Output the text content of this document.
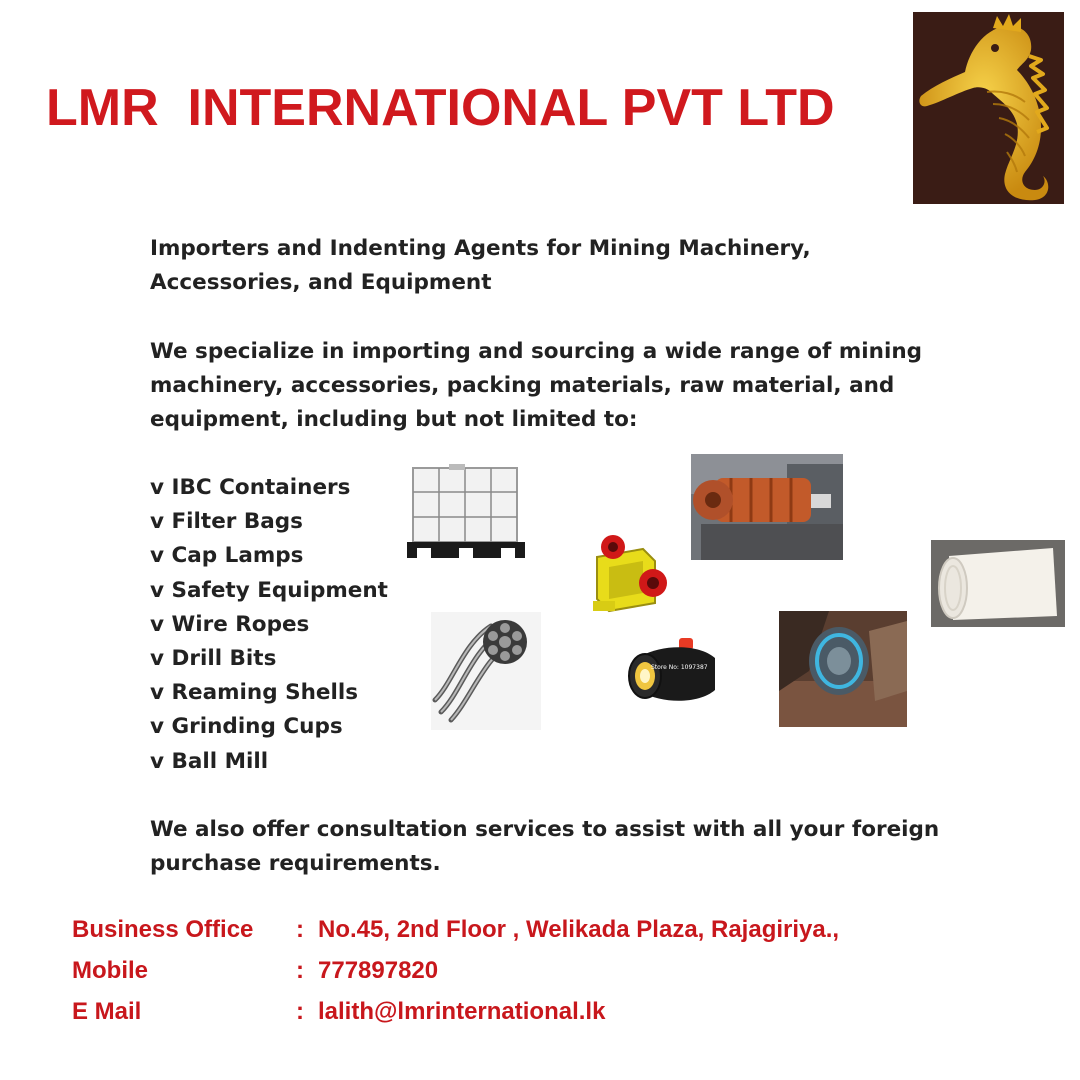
LMR  INTERNATIONAL PVT LTD

Importers and Indenting Agents for Mining Machinery, Accessories, and Equipment

We specialize in importing and sourcing a wide range of mining machinery, accessories, packing materials, raw material, and equipment, including but not limited to:

v IBC Containers
v Filter Bags
v Cap Lamps
v Safety Equipment
v Wire Ropes
v Drill Bits
v Reaming Shells
v Grinding Cups
v Ball Mill
Store No: 1097387

We also offer consultation services to assist with all your foreign purchase requirements.

Business Office : No.45, 2nd Floor , Welikada Plaza, Rajagiriya.,
Mobile	: 777897820
E Mail	: lalith@lmrinternational.lk
